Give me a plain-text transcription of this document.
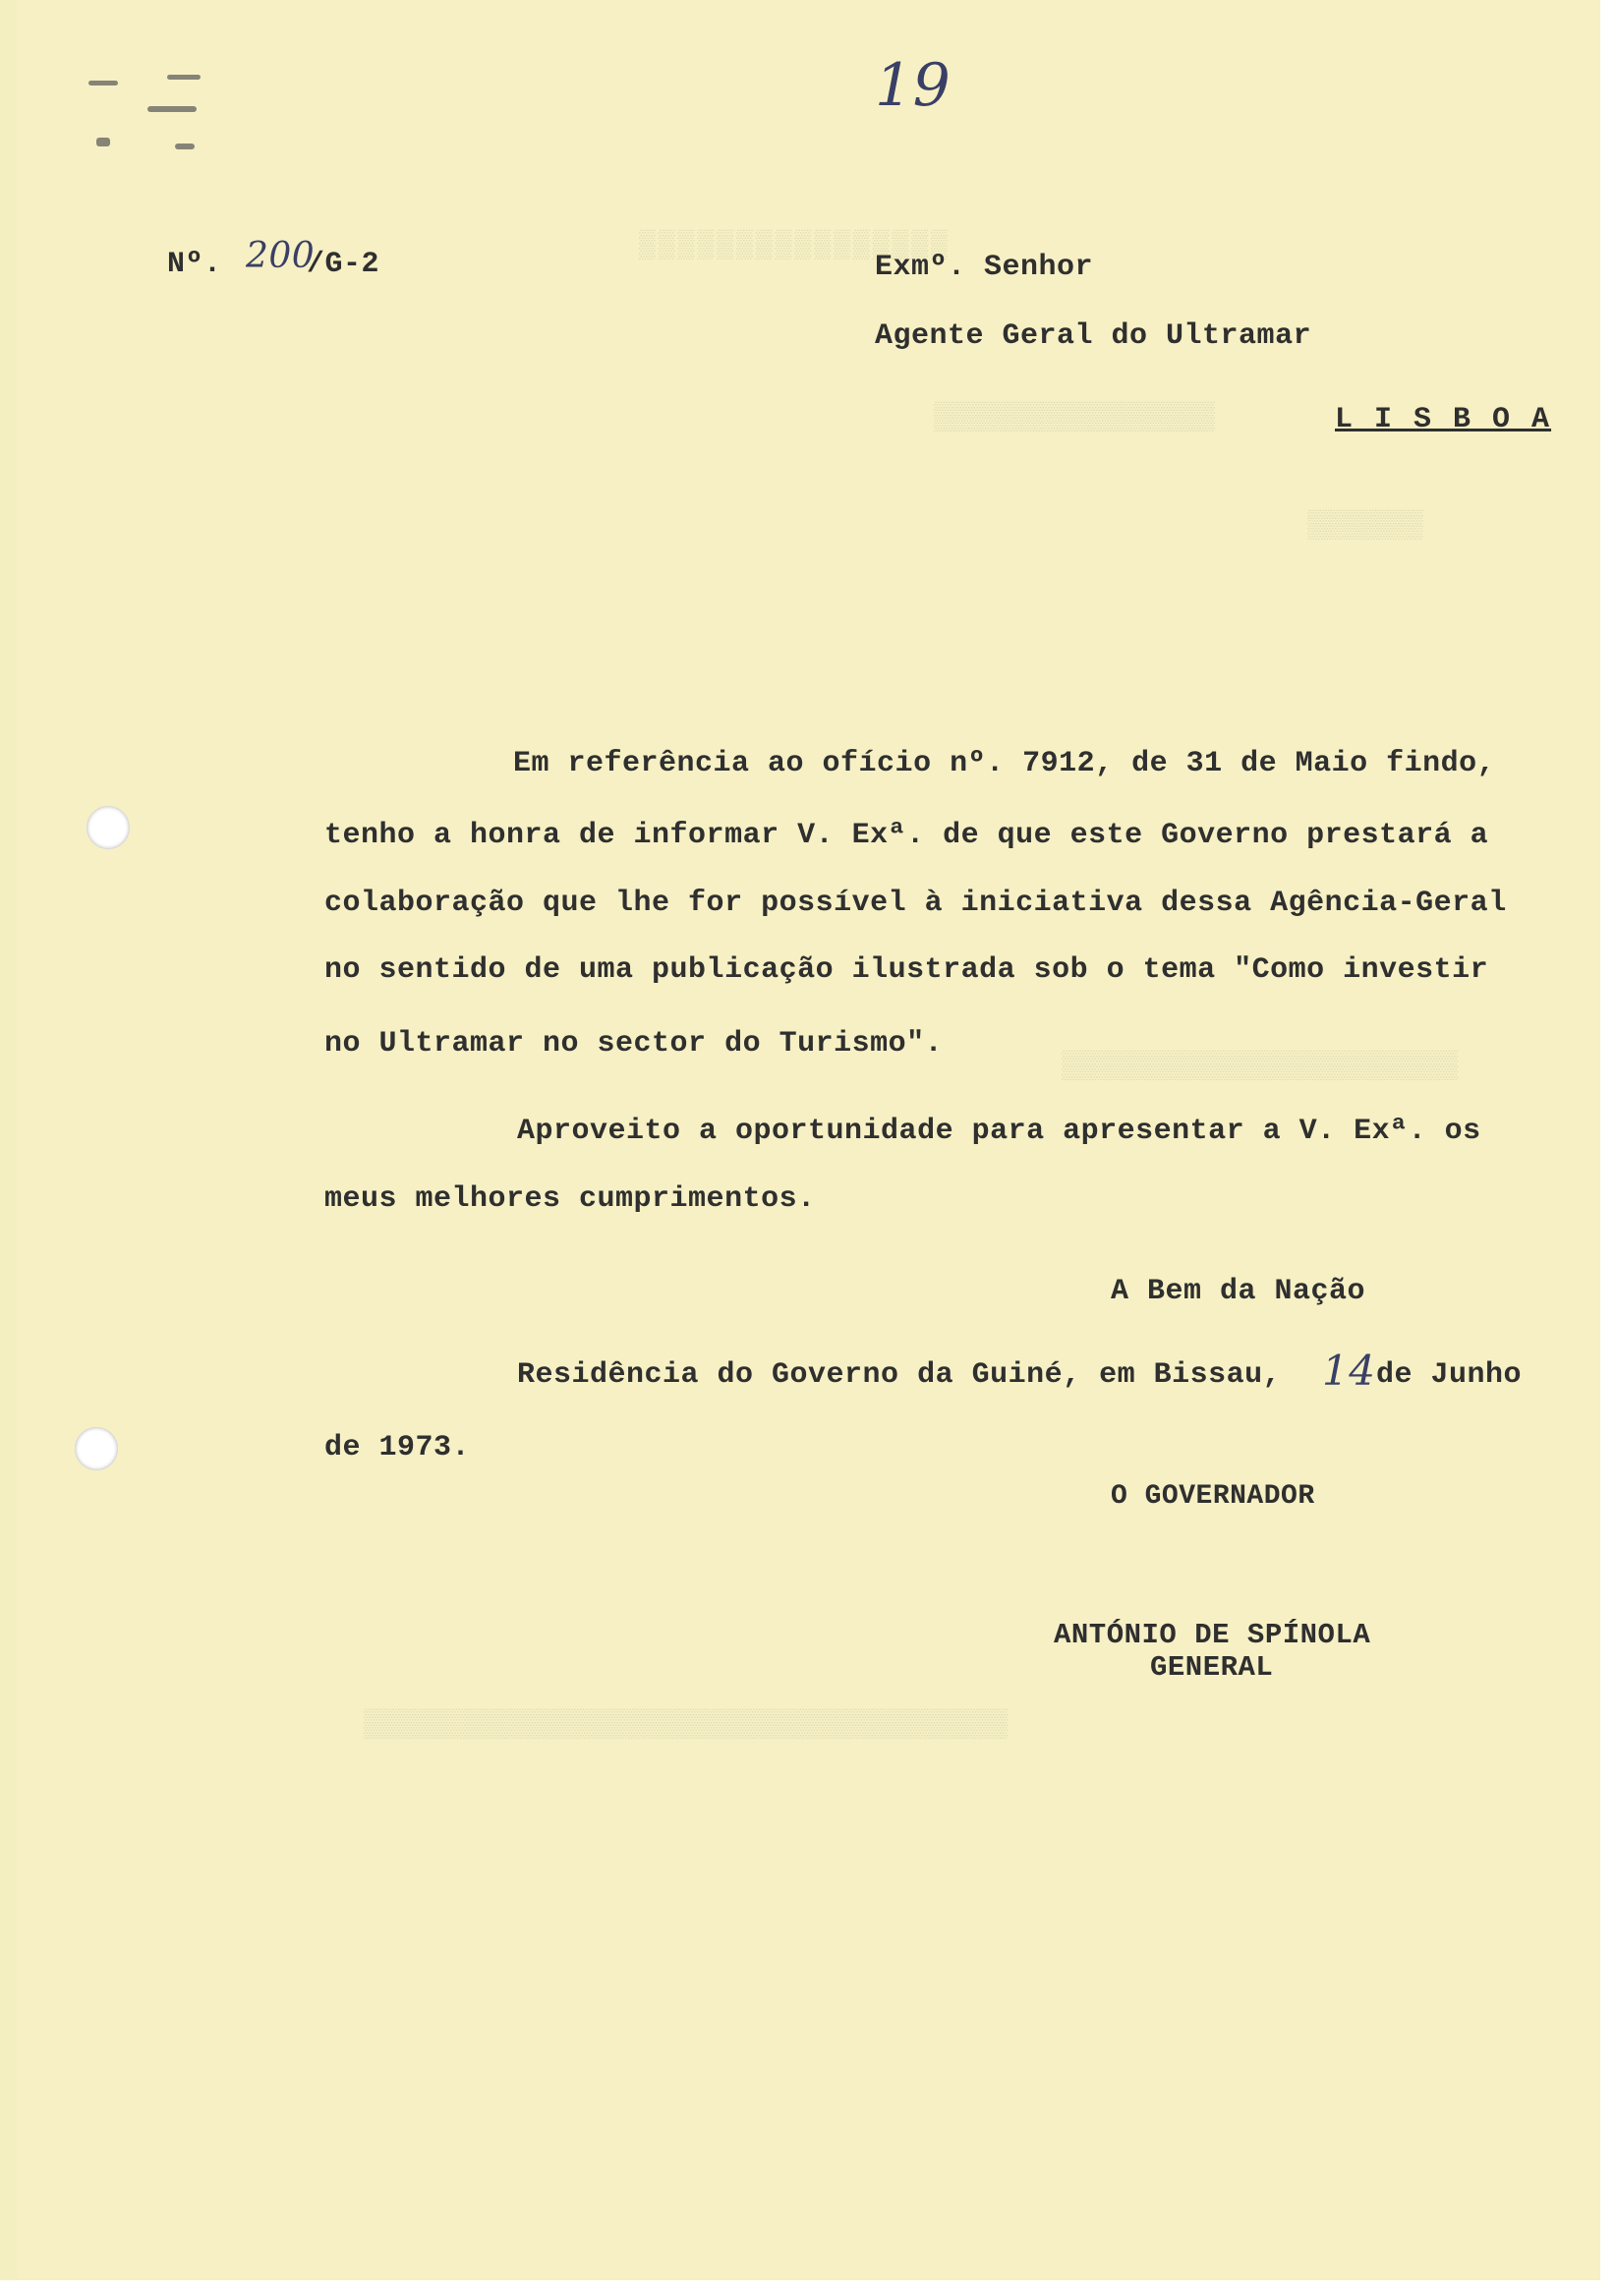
▒▒▒▒▒▒▒▒▒▒▒▒▒▒▒▒
▒▒▒▒▒▒▒▒▒▒▒▒▒▒▒▒▒
▒▒▒▒▒▒▒
▒▒▒▒▒▒▒▒▒▒▒▒▒▒▒▒▒▒▒▒▒▒▒▒
▒▒▒▒▒▒▒▒▒▒▒▒▒▒▒▒▒▒▒▒▒▒▒▒▒▒▒▒▒▒▒▒▒▒▒▒▒▒▒
19
Nº. 200
/G-2	Exmº. Senhor
Agente Geral do Ultramar
L I S B O A
Em referência ao ofício nº. 7912, de 31 de Maio findo,
tenho a honra de informar V. Exª. de que este Governo prestará a
colaboração que lhe for possível à iniciativa dessa Agência-Geral
no sentido de uma publicação ilustrada sob o tema "Como investir
no Ultramar no sector do Turismo".
Aproveito a oportunidade para apresentar a V. Exª. os
meus melhores cumprimentos.
A Bem da Nação
Residência do Governo da Guiné, em Bissau, 14 de Junho
de 1973.
O GOVERNADOR
ANTÓNIO DE SPÍNOLA
GENERAL
